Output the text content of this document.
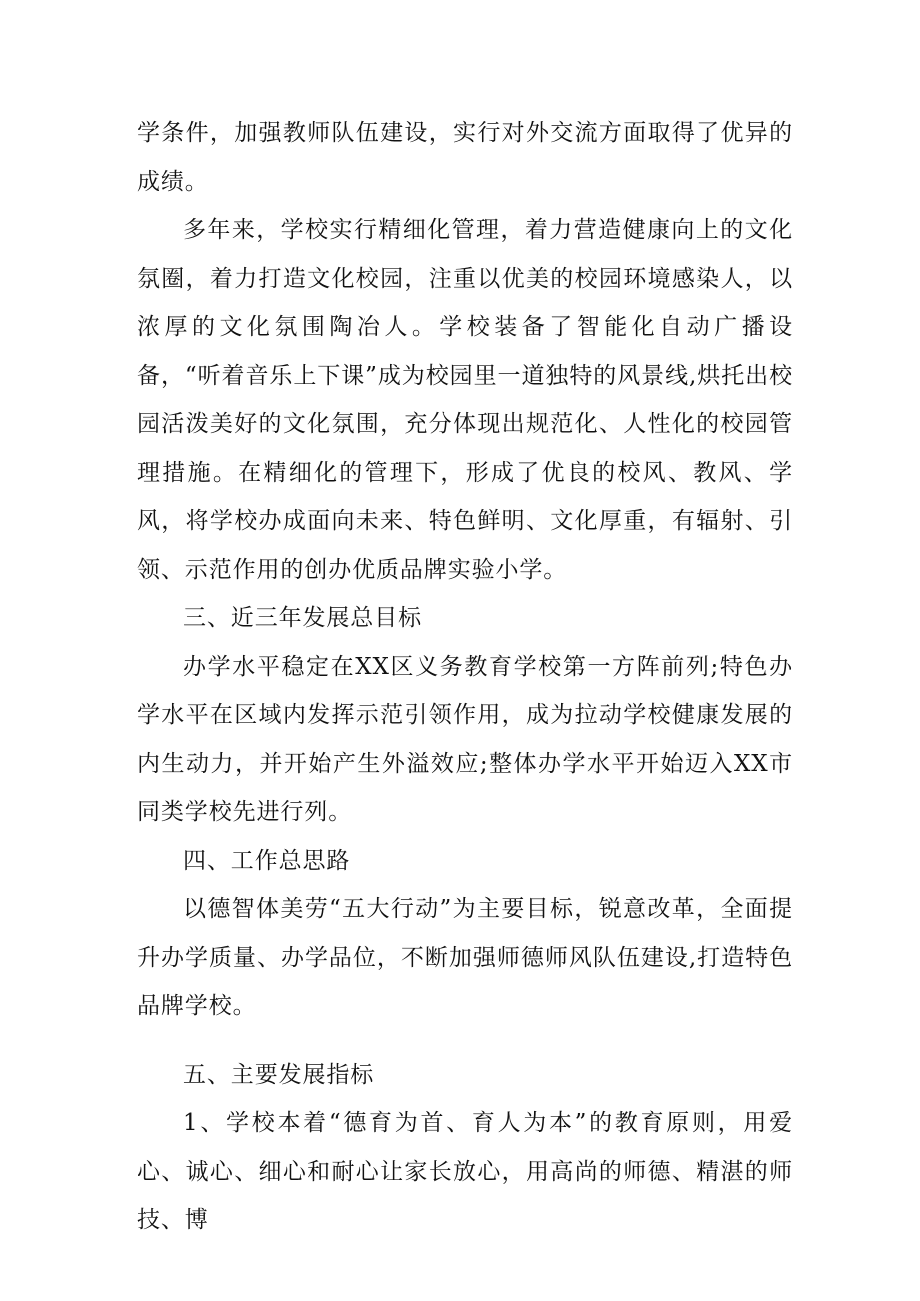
学条件，加强教师队伍建设，实行对外交流方面取得了优异的成绩。

多年来，学校实行精细化管理，着力营造健康向上的文化氛圈，着力打造文化校园，注重以优美的校园环境感染人，以浓厚的文化氛围陶冶人。学校装备了智能化自动广播设备，“听着音乐上下课”成为校园里一道独特的风景线,烘托出校园活泼美好的文化氛围，充分体现出规范化、人性化的校园管理措施。在精细化的管理下，形成了优良的校风、教风、学风，将学校办成面向未来、特色鲜明、文化厚重，有辐射、引领、示范作用的创办优质品牌实验小学。

三、近三年发展总目标

办学水平稳定在XX区义务教育学校第一方阵前列;特色办学水平在区域内发挥示范引领作用，成为拉动学校健康发展的内生动力，并开始产生外溢效应;整体办学水平开始迈入XX市同类学校先进行列。

四、工作总思路

以德智体美劳“五大行动”为主要目标，锐意改革，全面提升办学质量、办学品位，不断加强师德师风队伍建设,打造特色品牌学校。

五、主要发展指标

1、学校本着“德育为首、育人为本”的教育原则，用爱心、诚心、细心和耐心让家长放心，用高尚的师德、精湛的师技、博
